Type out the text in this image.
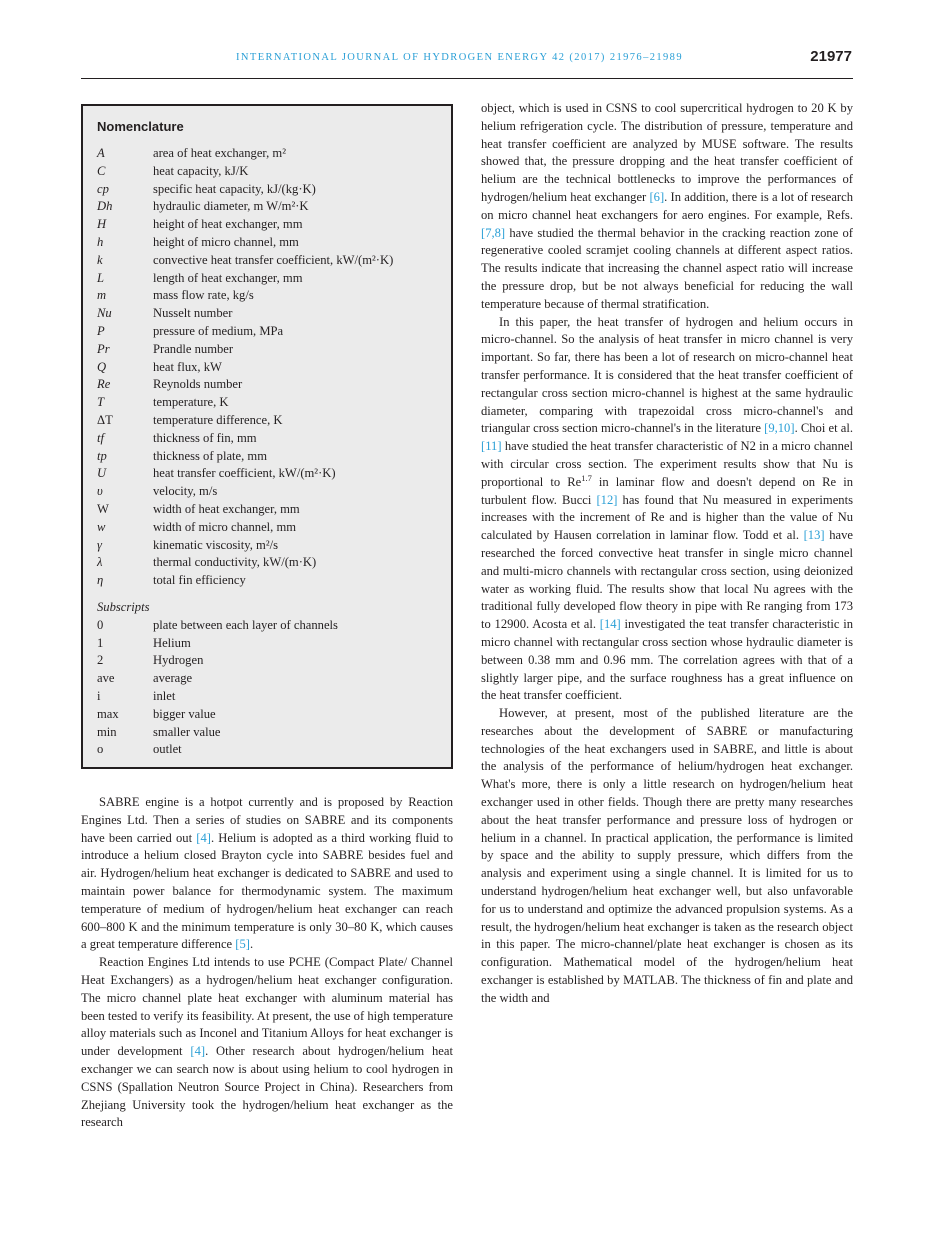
INTERNATIONAL JOURNAL OF HYDROGEN ENERGY 42 (2017) 21976–21989	21977
Nomenclature
A	area of heat exchanger, m²
C	heat capacity, kJ/K
cp	specific heat capacity, kJ/(kg·K)
Dh	hydraulic diameter, m W/m²·K
H	height of heat exchanger, mm
h	height of micro channel, mm
k	convective heat transfer coefficient, kW/(m²·K)
L	length of heat exchanger, mm
m	mass flow rate, kg/s
Nu	Nusselt number
P	pressure of medium, MPa
Pr	Prandle number
Q	heat flux, kW
Re	Reynolds number
T	temperature, K
ΔT	temperature difference, K
tf	thickness of fin, mm
tp	thickness of plate, mm
U	heat transfer coefficient, kW/(m²·K)
υ	velocity, m/s
W	width of heat exchanger, mm
w	width of micro channel, mm
γ	kinematic viscosity, m²/s
λ	thermal conductivity, kW/(m·K)
η	total fin efficiency
Subscripts
0	plate between each layer of channels
1	Helium
2	Hydrogen
ave	average
i	inlet
max	bigger value
min	smaller value
o	outlet

SABRE engine is a hotpot currently and is proposed by Reaction Engines Ltd. Then a series of studies on SABRE and its components have been carried out [4]. Helium is adopted as a third working fluid to introduce a helium closed Brayton cycle into SABRE besides fuel and air. Hydrogen/helium heat exchanger is dedicated to SABRE and used to maintain power balance for thermodynamic system. The maximum temperature of medium of hydrogen/helium heat exchanger can reach 600–800 K and the minimum temperature is only 30–80 K, which causes a great temperature difference [5].

Reaction Engines Ltd intends to use PCHE (Compact Plate/ Channel Heat Exchangers) as a hydrogen/helium heat exchanger configuration. The micro channel plate heat exchanger with aluminum material has been tested to verify its feasibility. At present, the use of high temperature alloy materials such as Inconel and Titanium Alloys for heat exchanger is under development [4]. Other research about hydrogen/helium heat exchanger we can search now is about using helium to cool hydrogen in CSNS (Spallation Neutron Source Project in China). Researchers from Zhejiang University took the hydrogen/helium heat exchanger as the research

object, which is used in CSNS to cool supercritical hydrogen to 20 K by helium refrigeration cycle. The distribution of pressure, temperature and heat transfer coefficient are analyzed by MUSE software. The results showed that, the pressure dropping and the heat transfer coefficient of helium are the technical bottlenecks to improve the performances of hydrogen/helium heat exchanger [6]. In addition, there is a lot of research on micro channel heat exchangers for aero engines. For example, Refs. [7,8] have studied the thermal behavior in the cracking reaction zone of regenerative cooled scramjet cooling channels at different aspect ratios. The results indicate that increasing the channel aspect ratio will increase the pressure drop, but be not always beneficial for reducing the wall temperature because of thermal stratification.

In this paper, the heat transfer of hydrogen and helium occurs in micro-channel. So the analysis of heat transfer in micro channel is very important. So far, there has been a lot of research on micro-channel heat transfer performance. It is considered that the heat transfer coefficient of rectangular cross section micro-channel is highest at the same hydraulic diameter, comparing with trapezoidal cross micro-channel's and triangular cross section micro-channel's in the literature [9,10]. Choi et al. [11] have studied the heat transfer characteristic of N2 in a micro channel with circular cross section. The experiment results show that Nu is proportional to $Re^{1.7}$ in laminar flow and doesn't depend on Re in turbulent flow. Bucci [12] has found that Nu measured in experiments increases with the increment of Re and is higher than the value of Nu calculated by Hausen correlation in laminar flow. Todd et al. [13] have researched the forced convective heat transfer in single micro channel and multi-micro channels with rectangular cross section, using deionized water as working fluid. The results show that local Nu agrees with the traditional fully developed flow theory in pipe with Re ranging from 173 to 12900. Acosta et al. [14] investigated the teat transfer characteristic in micro channel with rectangular cross section whose hydraulic diameter is between 0.38 mm and 0.96 mm. The correlation agrees with that of a slightly larger pipe, and the surface roughness has a great influence on the heat transfer coefficient.

However, at present, most of the published literature are the researches about the development of SABRE or manufacturing technologies of the heat exchangers used in SABRE, and little is about the analysis of the performance of helium/hydrogen heat exchanger. What's more, there is only a little research on hydrogen/helium heat exchanger used in other fields. Though there are pretty many researches about the heat transfer performance and pressure loss of hydrogen or helium in a channel. In practical application, the performance is limited by space and the ability to supply pressure, which differs from the analysis and experiment using a single channel. It is limited for us to understand hydrogen/helium heat exchanger well, but also unfavorable for us to understand and optimize the advanced propulsion systems. As a result, the hydrogen/helium heat exchanger is taken as the research object in this paper. The micro-channel/plate heat exchanger is chosen as its configuration. Mathematical model of the hydrogen/helium heat exchanger is established by MATLAB. The thickness of fin and plate and the width and
